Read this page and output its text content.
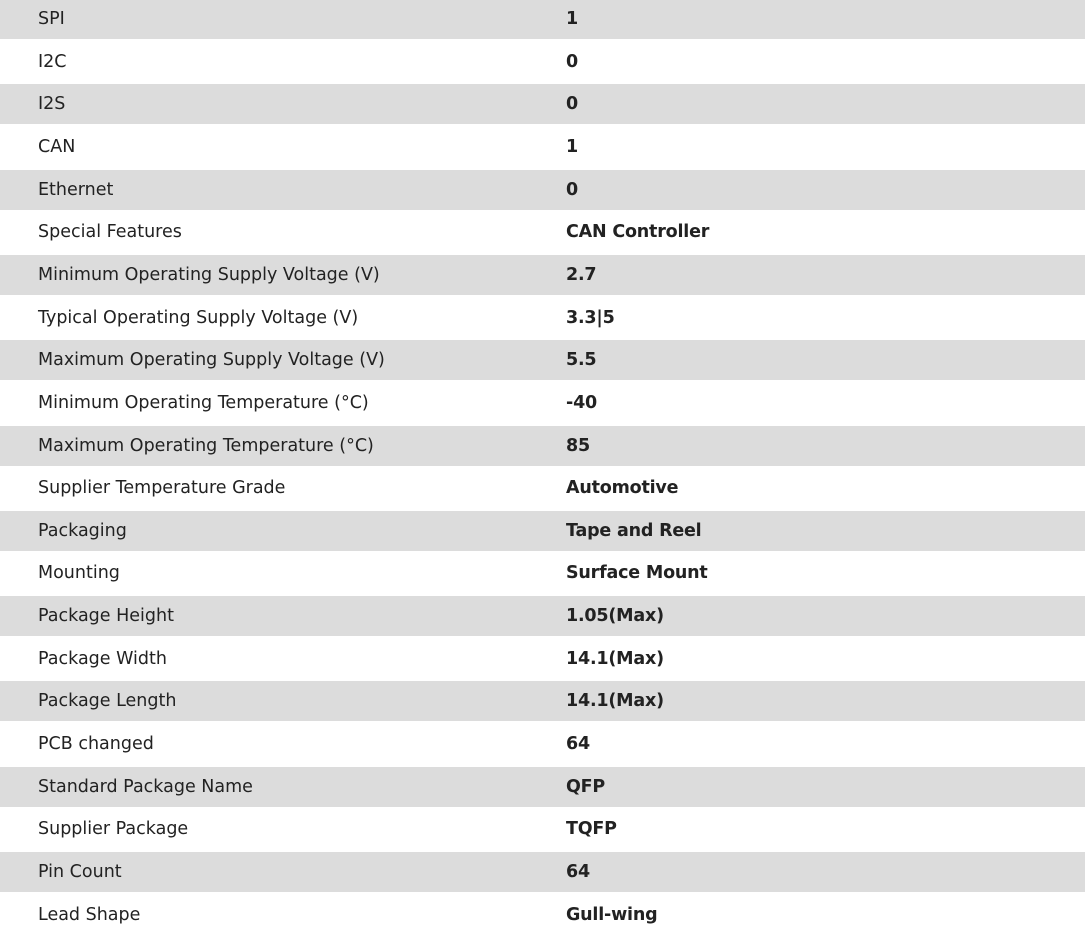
SPI	1
I2C	0
I2S	0
CAN	1
Ethernet	0
Special Features	CAN Controller
Minimum Operating Supply Voltage (V)	2.7
Typical Operating Supply Voltage (V)	3.3|5
Maximum Operating Supply Voltage (V)	5.5
Minimum Operating Temperature (°C)	-40
Maximum Operating Temperature (°C)	85
Supplier Temperature Grade	Automotive
Packaging	Tape and Reel
Mounting	Surface Mount
Package Height	1.05(Max)
Package Width	14.1(Max)
Package Length	14.1(Max)
PCB changed	64
Standard Package Name	QFP
Supplier Package	TQFP
Pin Count	64
Lead Shape	Gull-wing
